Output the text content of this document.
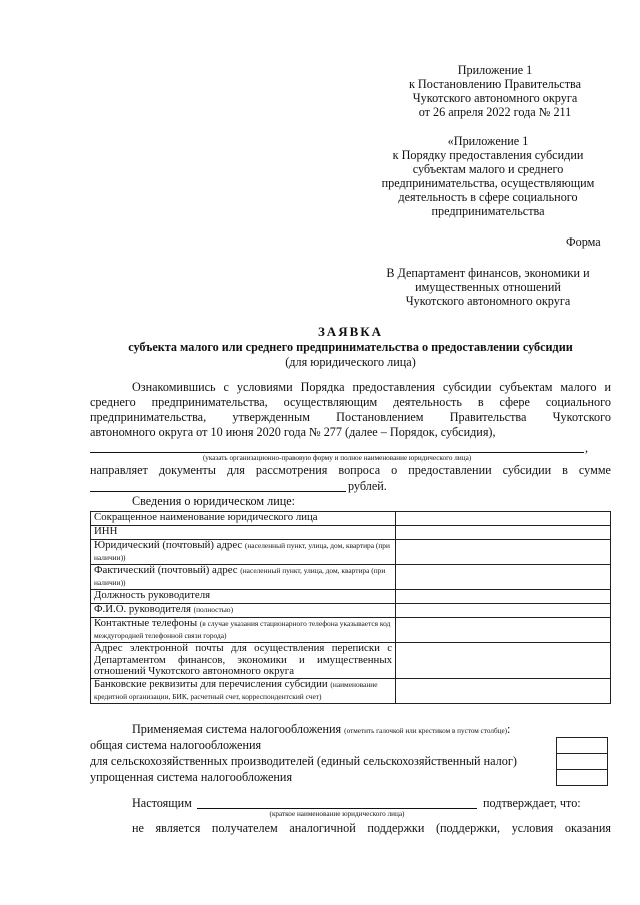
Приложение 1
к Постановлению Правительства
Чукотского автономного округа
от 26 апреля 2022 года № 211
«Приложение 1
к Порядку предоставления субсидии
субъектам малого и среднего
предпринимательства, осуществляющим
деятельность в сфере социального
предпринимательства
Форма
В Департамент финансов, экономики и
имущественных отношений
Чукотского автономного округа
ЗАЯВКА
субъекта малого или среднего предпринимательства о предоставлении субсидии
(для юридического лица)
Ознакомившись с условиями Порядка предоставления субсидии субъектам малого и
среднего предпринимательства, осуществляющим деятельность в сфере социального
предпринимательства, утвержденным Постановлением Правительства Чукотского
автономного округа от 10 июня 2020 года № 277 (далее – Порядок, субсидия),
,
(указать организационно-правовую форму и полное наименование юридического лица)
направляет документы для рассмотрения вопроса о предоставлении субсидии в сумме
рублей.
Сведения о юридическом лице:
Сокращенное наименование юридического лица	
ИНН	
Юридический (почтовый) адрес (населенный пункт, улица, дом, квартира (при наличии))	
Фактический (почтовый) адрес (населенный пункт, улица, дом, квартира (при наличии))	
Должность руководителя	
Ф.И.О. руководителя (полностью)	
Контактные телефоны (в случае указания стационарного телефона указывается код междугородней телефонной связи города)	
Адрес электронной почты для осуществления переписки с Департаментом финансов, экономики и имущественных отношений Чукотского автономного округа	
Банковские реквизиты для перечисления субсидии (наименование кредитной организации, БИК, расчетный счет, корреспондентский счет)	
Применяемая система налогообложения (отметить галочкой или крестиком в пустом столбце):
общая система налогообложения
для сельскохозяйственных производителей (единый сельскохозяйственный налог)
упрощенная система налогообложения
Настоящим	подтверждает, что:
(краткое наименование юридического лица)
не является получателем аналогичной поддержки (поддержки, условия оказания
